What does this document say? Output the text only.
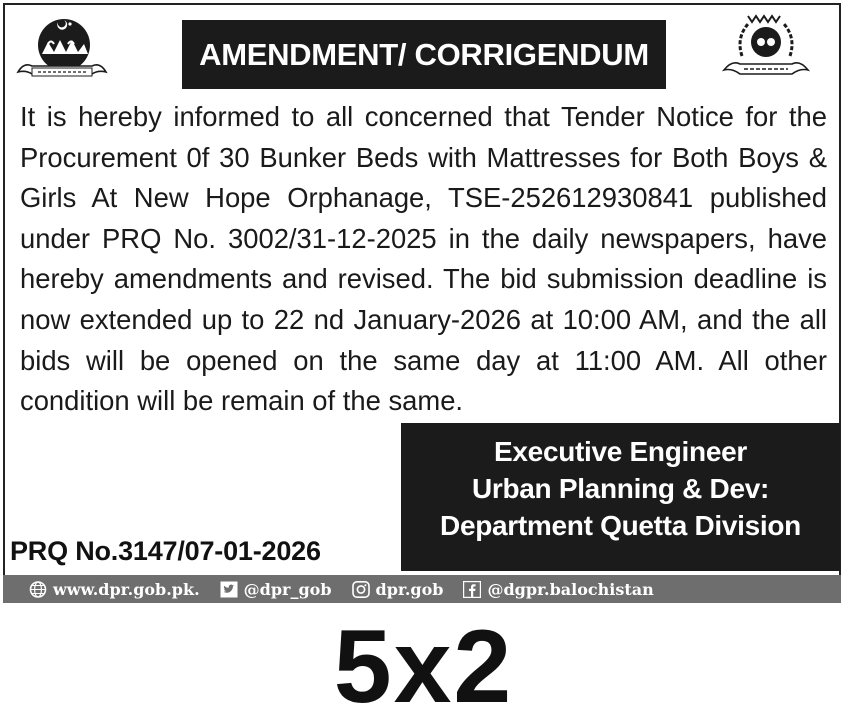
AMENDMENT/ CORRIGENDUM

It is hereby informed to all concerned that Tender Notice for the Procurement 0f 30 Bunker Beds with Mattresses for Both Boys & Girls At New Hope Orphanage, TSE-252612930841 published under PRQ No. 3002/31-12-2025 in the daily newspapers, have hereby amendments and revised. The bid submission deadline is now extended up to 22 nd January-2026 at 10:00 AM, and the all bids will be opened on the same day at 11:00 AM. All other condition will be remain of the same.

Executive Engineer
Urban Planning & Dev:
Department Quetta Division
PRQ No.3147/07-01-2026
www.dpr.gob.pk.	@dpr_gob	dpr.gob	@dgpr.balochistan
5x2
